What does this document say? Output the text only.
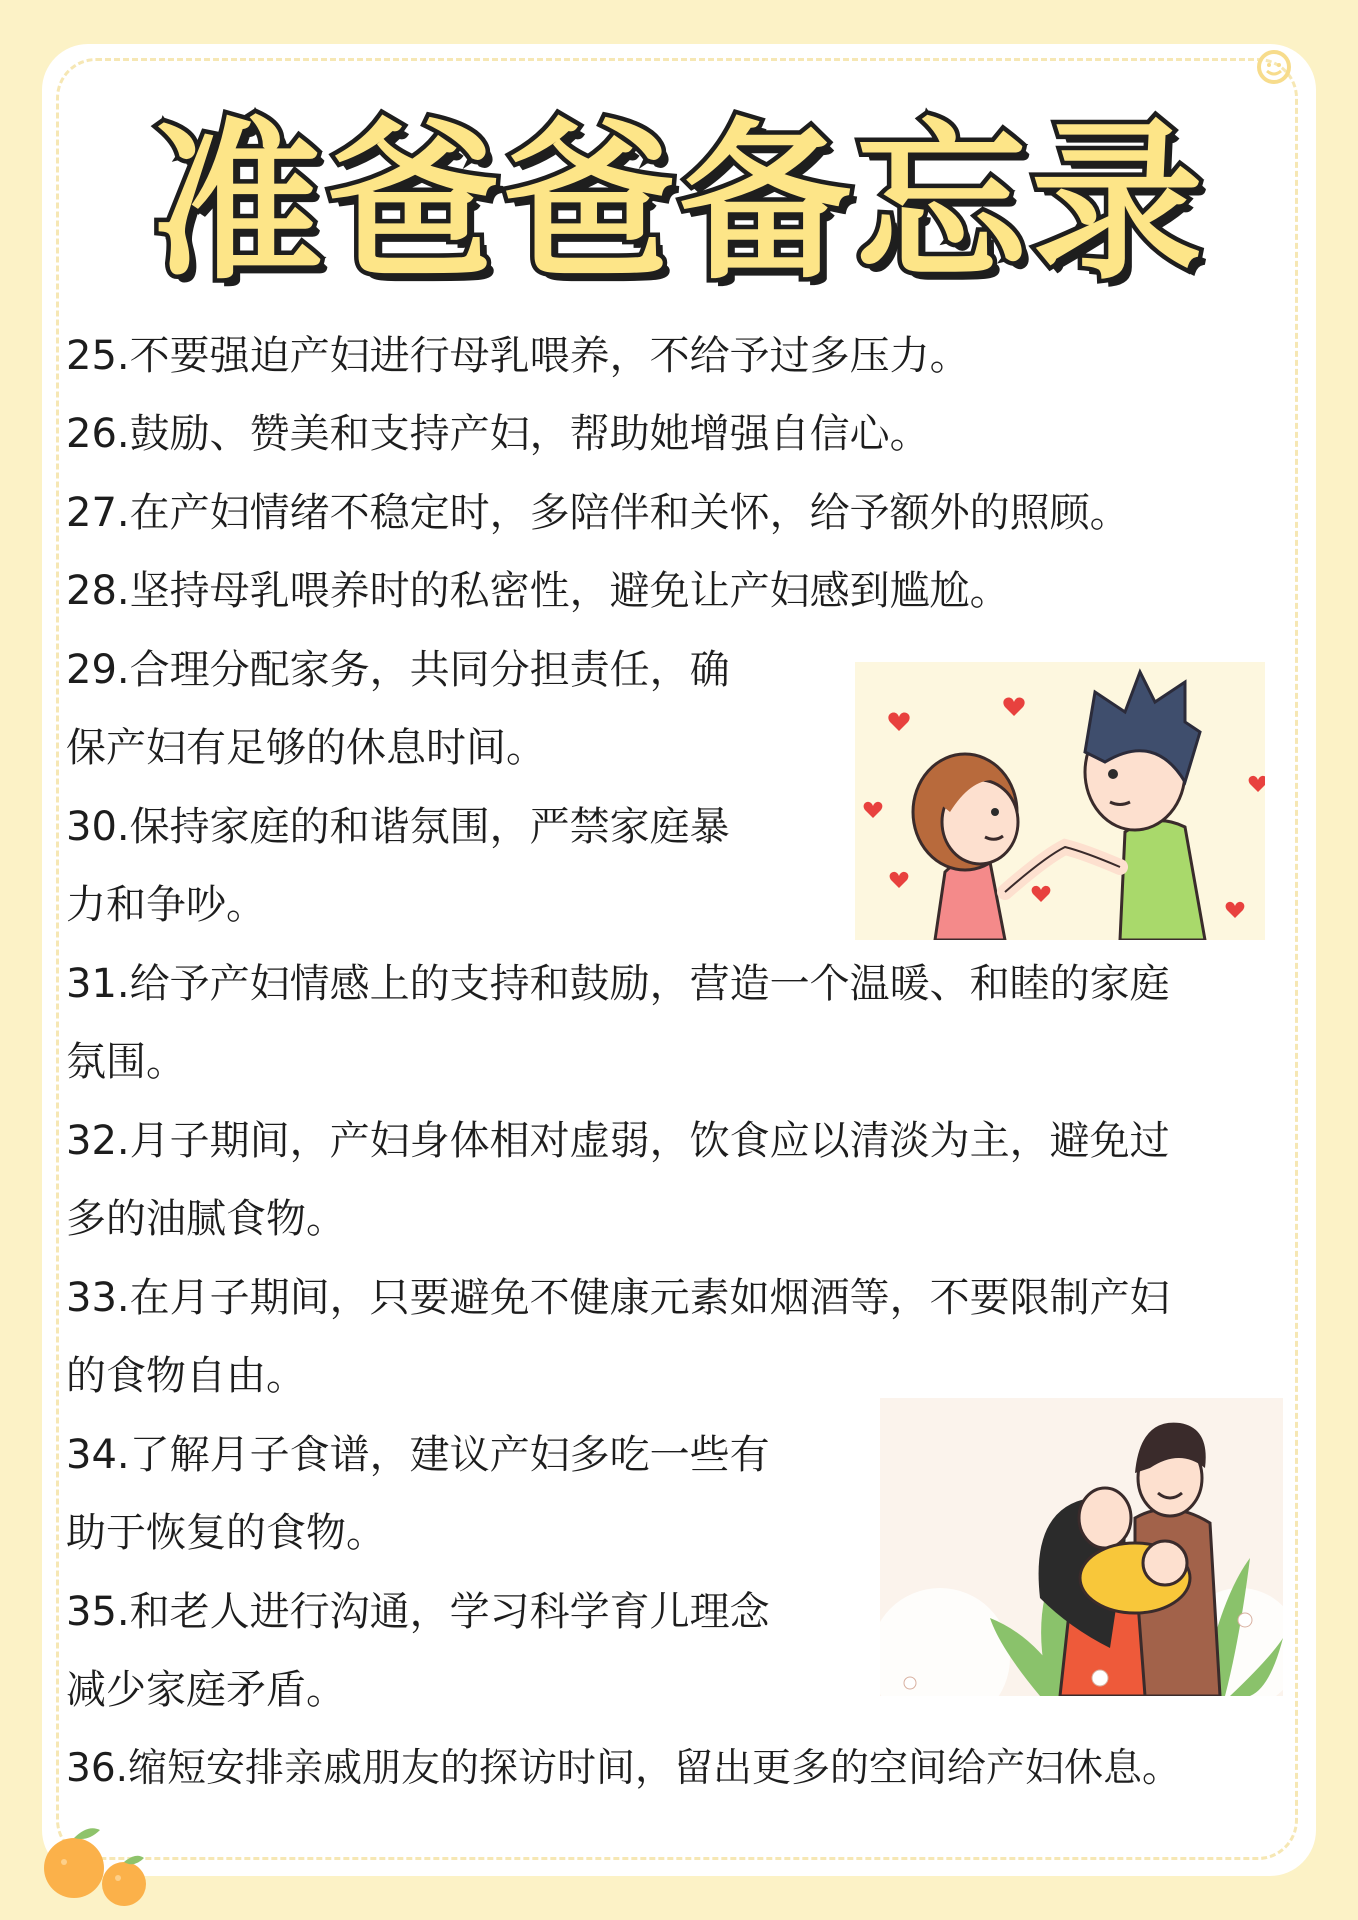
准爸爸备忘录

25.不要强迫产妇进行母乳喂养，不给予过多压力。

26.鼓励、赞美和支持产妇，帮助她增强自信心。

27.在产妇情绪不稳定时，多陪伴和关怀，给予额外的照顾。

28.坚持母乳喂养时的私密性，避免让产妇感到尴尬。

29.合理分配家务，共同分担责任，确

保产妇有足够的休息时间。

30.保持家庭的和谐氛围，严禁家庭暴

力和争吵。

31.给予产妇情感上的支持和鼓励，营造一个温暖、和睦的家庭

氛围。

32.月子期间，产妇身体相对虚弱，饮食应以清淡为主，避免过

多的油腻食物。

33.在月子期间，只要避免不健康元素如烟酒等，不要限制产妇

的食物自由。

34.了解月子食谱，建议产妇多吃一些有

助于恢复的食物。

35.和老人进行沟通，学习科学育儿理念

减少家庭矛盾。

36.缩短安排亲戚朋友的探访时间，留出更多的空间给产妇休息。
